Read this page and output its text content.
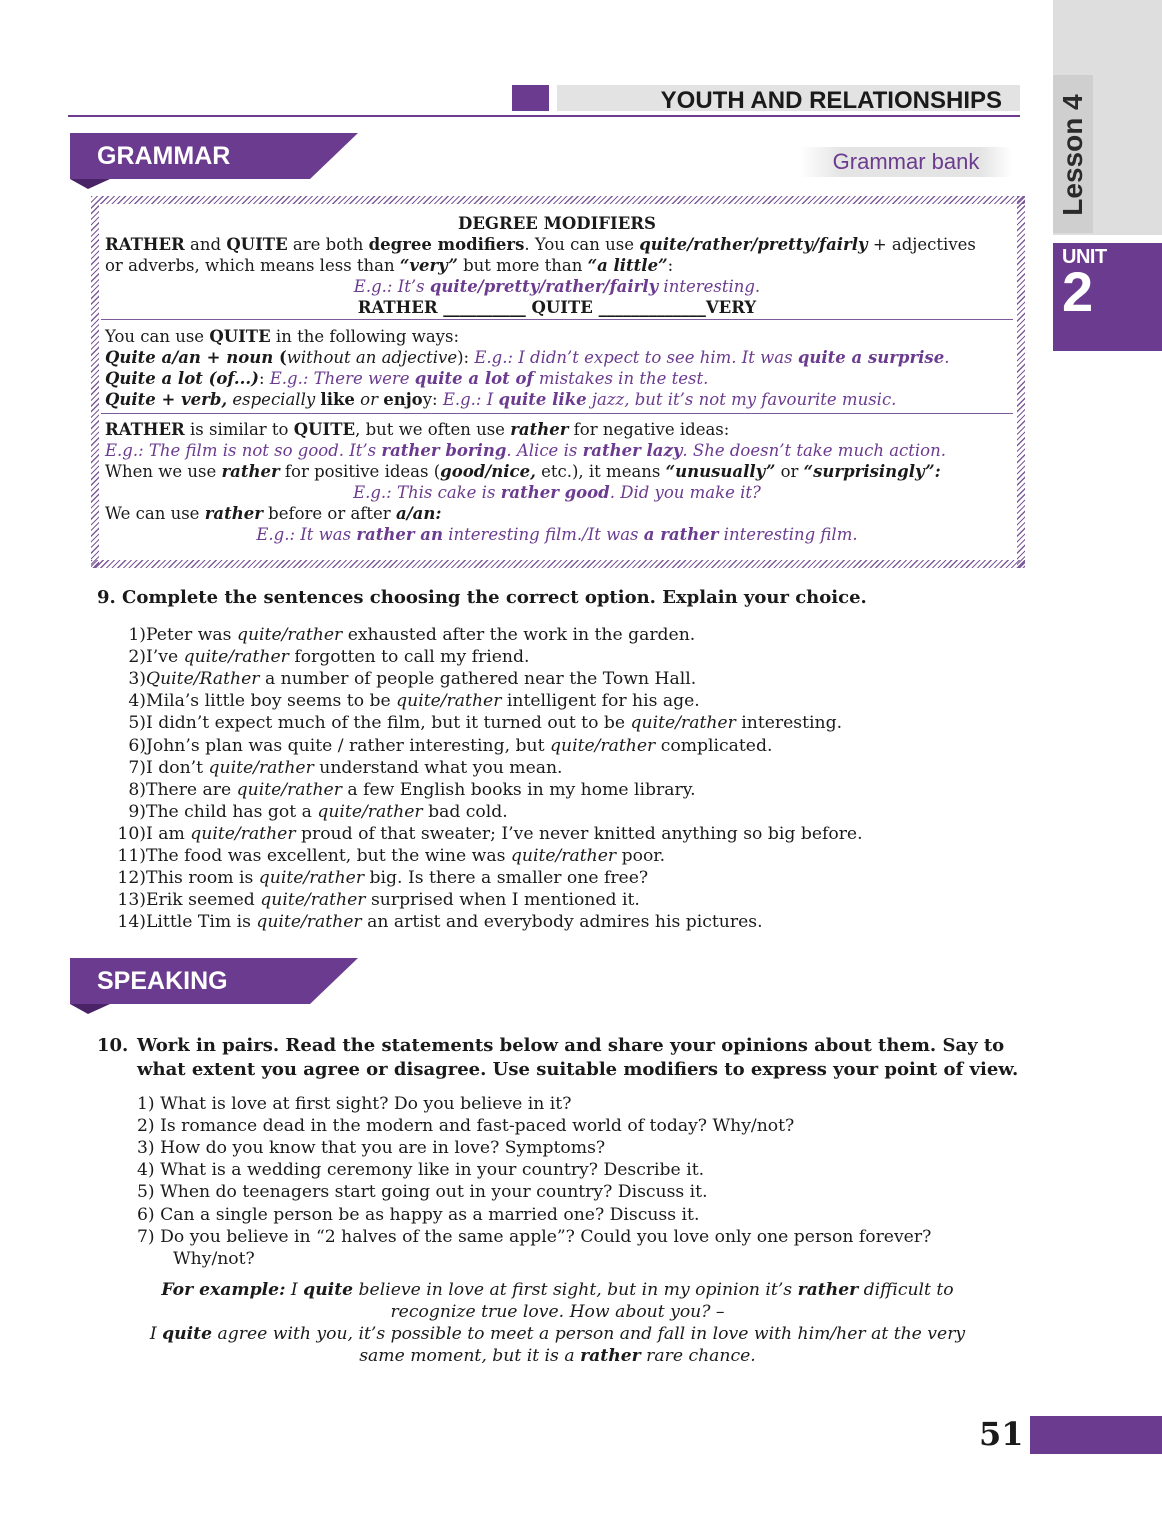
Lesson 4
UNIT
2
YOUTH AND RELATIONSHIPS
GRAMMAR	Grammar bank
DEGREE MODIFIERS
RATHER and QUITE are both degree modifiers. You can use quite/rather/pretty/fairly + adjectives
or adverbs, which means less than “very” but more than “a little”:
E.g.: It’s quite/pretty/rather/fairly interesting.
RATHER __________ QUITE _____________VERY
You can use QUITE in the following ways:
Quite a/an + noun (without an adjective): E.g.: I didn’t expect to see him. It was quite a surprise.
Quite a lot (of...): E.g.: There were quite a lot of mistakes in the test.
Quite + verb, especially like or enjoy: E.g.: I quite like jazz, but it’s not my favourite music.
RATHER is similar to QUITE, but we often use rather for negative ideas:
E.g.: The film is not so good. It’s rather boring. Alice is rather lazy. She doesn’t take much action.
When we use rather for positive ideas (good/nice, etc.), it means “unusually” or “surprisingly”:
E.g.: This cake is rather good. Did you make it?
We can use rather before or after a/an:
E.g.: It was rather an interesting film./It was a rather interesting film.
9. Complete the sentences choosing the correct option. Explain your choice.
1)Peter was quite/rather exhausted after the work in the garden.
2)I’ve quite/rather forgotten to call my friend.
3)Quite/Rather a number of people gathered near the Town Hall.
4)Mila’s little boy seems to be quite/rather intelligent for his age.
5)I didn’t expect much of the film, but it turned out to be quite/rather interesting.
6)John’s plan was quite / rather interesting, but quite/rather complicated.
7)I don’t quite/rather understand what you mean.
8)There are quite/rather a few English books in my home library.
9)The child has got a quite/rather bad cold.
10)I am quite/rather proud of that sweater; I’ve never knitted anything so big before.
11)The food was excellent, but the wine was quite/rather poor.
12)This room is quite/rather big. Is there a smaller one free?
13)Erik seemed quite/rather surprised when I mentioned it.
14)Little Tim is quite/rather an artist and everybody admires his pictures.
SPEAKING
10. Work in pairs. Read the statements below and share your opinions about them. Say to
what extent you agree or disagree. Use suitable modifiers to express your point of view.
1) What is love at first sight? Do you believe in it?
2) Is romance dead in the modern and fast-paced world of today? Why/not?
3) How do you know that you are in love? Symptoms?
4) What is a wedding ceremony like in your country? Describe it.
5) When do teenagers start going out in your country? Discuss it.
6) Can a single person be as happy as a married one? Discuss it.
7) Do you believe in “2 halves of the same apple”? Could you love only one person forever?
Why/not?
For example: I quite believe in love at first sight, but in my opinion it’s rather difficult to
recognize true love. How about you? –
I quite agree with you, it’s possible to meet a person and fall in love with him/her at the very
same moment, but it is a rather rare chance.
51
